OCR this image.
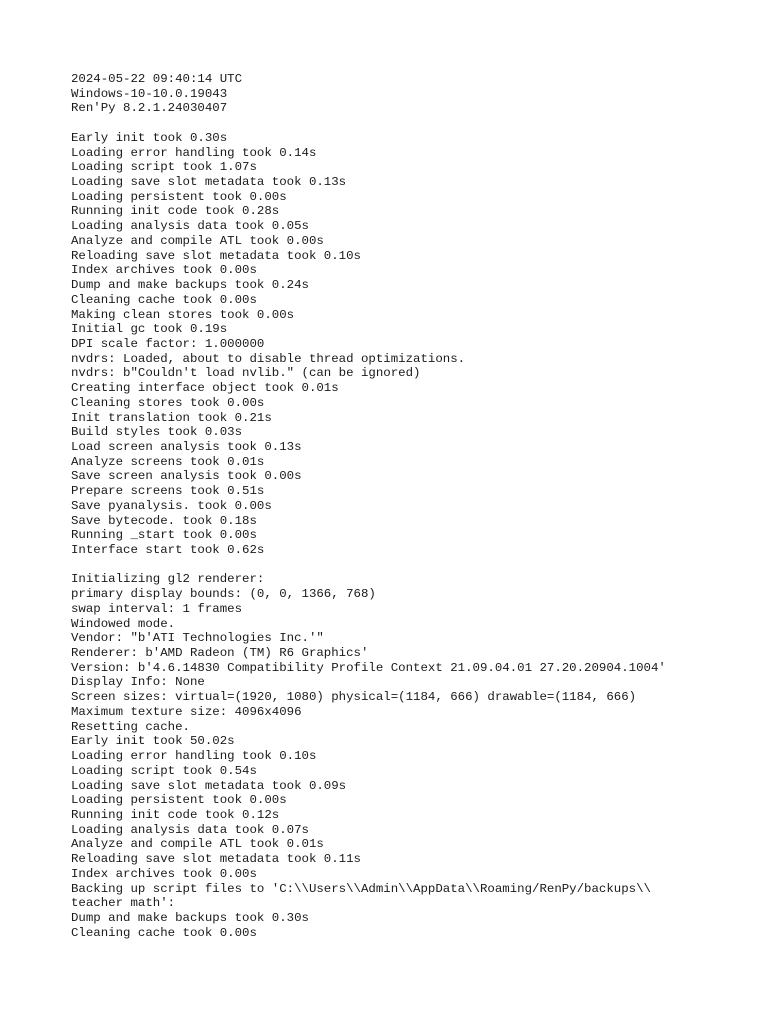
2024-05-22 09:40:14 UTC
Windows-10-10.0.19043
Ren'Py 8.2.1.24030407
Early init took 0.30s
Loading error handling took 0.14s
Loading script took 1.07s
Loading save slot metadata took 0.13s
Loading persistent took 0.00s
Running init code took 0.28s
Loading analysis data took 0.05s
Analyze and compile ATL took 0.00s
Reloading save slot metadata took 0.10s
Index archives took 0.00s
Dump and make backups took 0.24s
Cleaning cache took 0.00s
Making clean stores took 0.00s
Initial gc took 0.19s
DPI scale factor: 1.000000
nvdrs: Loaded, about to disable thread optimizations.
nvdrs: b"Couldn't load nvlib." (can be ignored)
Creating interface object took 0.01s
Cleaning stores took 0.00s
Init translation took 0.21s
Build styles took 0.03s
Load screen analysis took 0.13s
Analyze screens took 0.01s
Save screen analysis took 0.00s
Prepare screens took 0.51s
Save pyanalysis. took 0.00s
Save bytecode. took 0.18s
Running _start took 0.00s
Interface start took 0.62s
Initializing gl2 renderer:
primary display bounds: (0, 0, 1366, 768)
swap interval: 1 frames
Windowed mode.
Vendor: "b'ATI Technologies Inc.'"
Renderer: b'AMD Radeon (TM) R6 Graphics'
Version: b'4.6.14830 Compatibility Profile Context 21.09.04.01 27.20.20904.1004'
Display Info: None
Screen sizes: virtual=(1920, 1080) physical=(1184, 666) drawable=(1184, 666)
Maximum texture size: 4096x4096
Resetting cache.
Early init took 50.02s
Loading error handling took 0.10s
Loading script took 0.54s
Loading save slot metadata took 0.09s
Loading persistent took 0.00s
Running init code took 0.12s
Loading analysis data took 0.07s
Analyze and compile ATL took 0.01s
Reloading save slot metadata took 0.11s
Index archives took 0.00s
Backing up script files to 'C:\\Users\\Admin\\AppData\\Roaming/RenPy/backups\\
teacher math':
Dump and make backups took 0.30s
Cleaning cache took 0.00s
